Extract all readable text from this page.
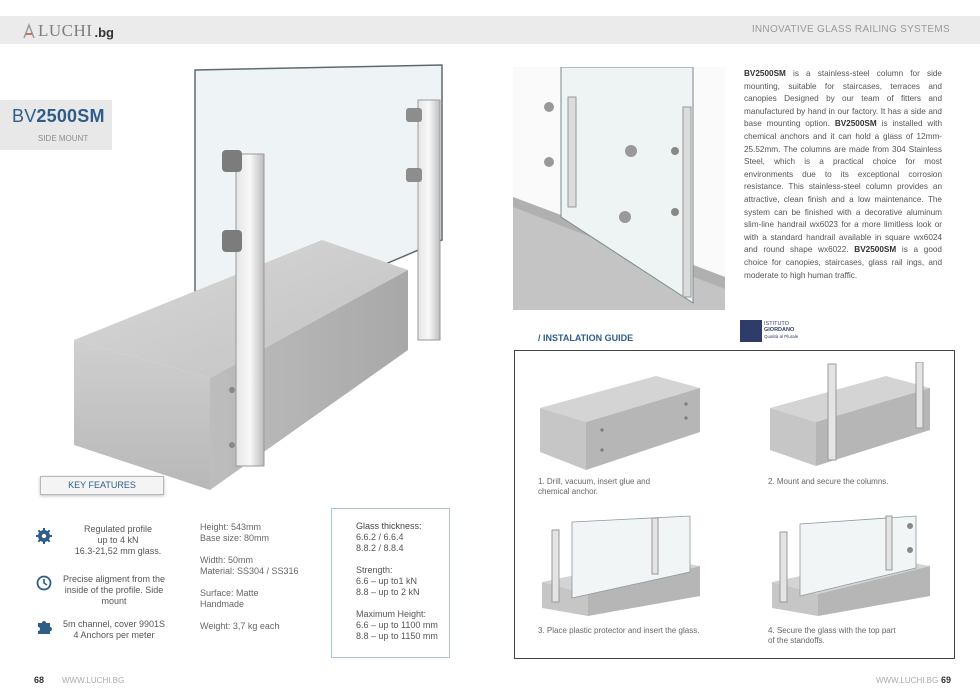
LUCHI .bg	INNOVATIVE GLASS RAILING SYSTEMS
BV2500SM
SIDE MOUNT
KEY FEATURES
Regulated profile
up to 4 kN
16.3-21,52 mm glass.
Precise aligment from the
inside of the profile. Side
mount
5m channel, cover 9901S
4 Anchors per meter
Height: 543mm
Base size: 80mm
Width: 50mm
Material: SS304 / SS316
Surface: Matte
Handmade
Weight: 3,7 kg each
Glass thickness:
6.6.2 / 6.6.4
8.8.2 / 8.8.4
Strength:
6.6 – up to1 kN
8.8 – up to 2 kN
Maximum Height:
6.6 – up to 1100 mm
8.8 – up to 1150 mm
BV2500SM is a stainless-steel column for side mounting, suitable for staircases, terraces and canopies Designed by our team of fitters and manufactured by hand in our factory. It has a side and base mounting option. BV2500SM is installed with chemical anchors and it can hold a glass of 12mm-25.52mm. The columns are made from 304 Stainless Steel, which is a practical choice for most environments due to its exceptional corrosion resistance. This stainless-steel column provides an attractive, clean finish and a low maintenance. The system can be finished with a decorative aluminum slim-line handrail wx6023 for a more limitless look or with a standard handrail available in square wx6024 and round shape wx6022. BV2500SM is a good choice for canopies, staircases, glass rail ings, and moderate to high human traffic.
/ INSTALATION GUIDE
ISTITUTO
GIORDANO
Qualità al Plurale
1. Drill, vacuum, insert glue and
chemical anchor.
2. Mount and secure the columns.
3. Place plastic protector and insert the glass.	4. Secure the glass with the top part
of the standoffs.
68 WWW.LUCHI.BG	WWW.LUCHI.BG 69
